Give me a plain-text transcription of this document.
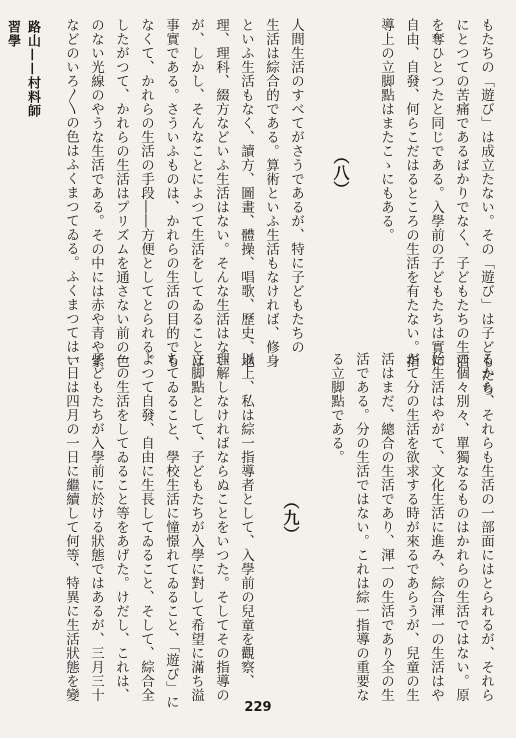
路山——村料師習學	もたちの「遊び」は成立たない。その「遊び」は子どもたち
にとつての苦痛であるばかりでなく、子どもたちの生活
を奪ひとつたと同じである。入學前の子どもたちは實に
自由、自發、何らこだはるところの生活を有たない。指
導上の立脚點はまたこゝにもある。
（八）
人間生活のすべてがさうであるが、特に子どもたちの
生活は綜合的である。算術といふ生活もなければ、修身
といふ生活もなく、讀方、圖畫、體操、唱歌、歷史、地
理、理科、綴方などいふ生活はない。そんな生活はない
が、しかし、そんなことによつて生活をしてゐることは
事實である。さういふものは、かれらの生活の目的でも
なくて、かれらの生活の手段――方便としてとられる。
したがつて、かれらの生活はプリズムを通さない前の色
のない光線のやうな生活である。その中には赤や青や紫
などのいろ〳〵の色はふくまつてゐる。ふくまつてはい
るから、それらも生活の一部面にはとられるが、それら
の個々別々、單獨なるものはかれらの生活ではない。原
始生活はやがて、文化生活に進み、綜合渾一の生活はや
がて分の生活を欲求する時が來るであらうが、兒童の生
活はまだ、總合の生活であり、渾一の生活であり全の生
活である。分の生活ではない。これは綜一指導の重要な
る立脚點である。
（九）
以上、私は綜一指導者として、入學前の兒童を觀察、
理解しなければならぬことをいつた。そしてその指導の
立脚點として、子どもたちが入學に對して希望に滿ち溢
ちてゐること、學校生活に憧憬れてゐること、「遊び」に
よつて自發、自由に生長してゐること、そして、綜合全
一の生活をしてゐること等をあげた。けだし、これは、
子どもたちが入學前に於ける狀態ではあるが、三月三十
一日は四月の一日に繼續して何等、特異に生活狀態を變
229
